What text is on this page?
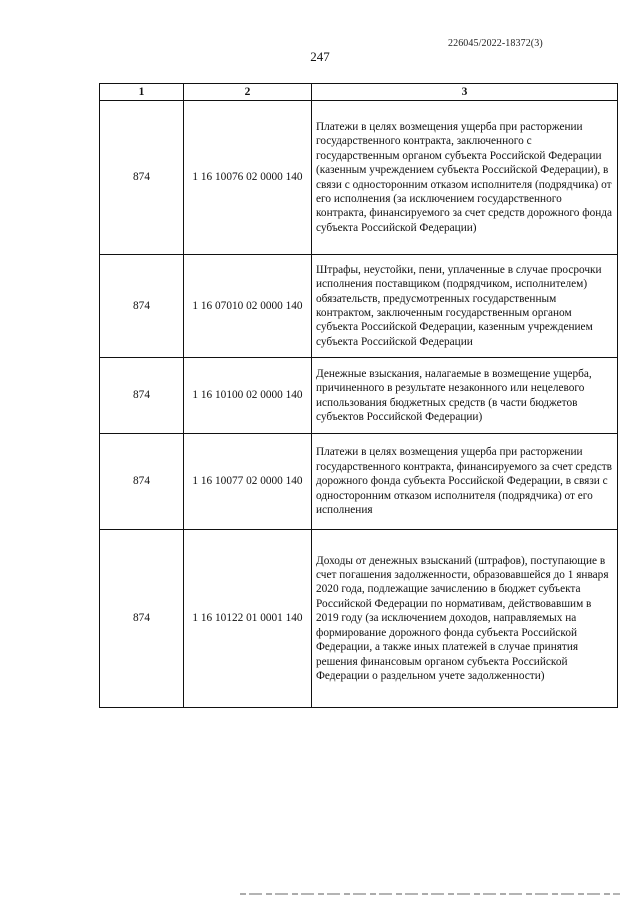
226045/2022-18372(3)
247
1	2	3
874	1 16 10076 02 0000 140	Платежи в целях возмещения ущерба при расторжении государственного контракта, заключенного с государственным органом субъекта Российской Федерации (казенным учреждением субъекта Российской Федерации), в связи с односторонним отказом исполнителя (подрядчика) от его исполнения (за исключением государственного контракта, финансируемого за счет средств дорожного фонда субъекта Российской Федерации)
874	1 16 07010 02 0000 140	Штрафы, неустойки, пени, уплаченные в случае просрочки исполнения поставщиком (подрядчиком, исполнителем) обязательств, предусмотренных государственным контрактом, заключенным государственным органом субъекта Российской Федерации, казенным учреждением субъекта Российской Федерации
874	1 16 10100 02 0000 140	Денежные взыскания, налагаемые в возмещение ущерба, причиненного в результате незаконного или нецелевого использования бюджетных средств (в части бюджетов субъектов Российской Федерации)
874	1 16 10077 02 0000 140	Платежи в целях возмещения ущерба при расторжении государственного контракта, финансируемого за счет средств дорожного фонда субъекта Российской Федерации, в связи с односторонним отказом исполнителя (подрядчика) от его исполнения
874	1 16 10122 01 0001 140	Доходы от денежных взысканий (штрафов), поступающие в счет погашения задолженности, образовавшейся до 1 января 2020 года, подлежащие зачислению в бюджет субъекта Российской Федерации по нормативам, действовавшим в 2019 году (за исключением доходов, направляемых на формирование дорожного фонда субъекта Российской Федерации, а также иных платежей в случае принятия решения финансовым органом субъекта Российской Федерации о раздельном учете задолженности)
